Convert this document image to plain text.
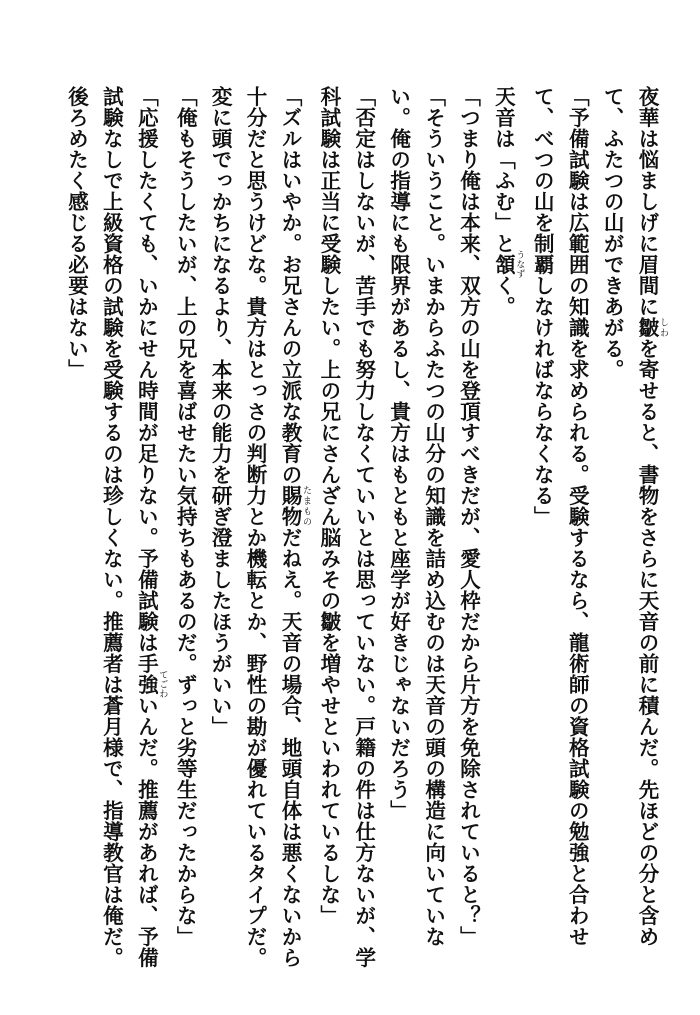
夜華は悩ましげに眉間に皺 しわを寄せると、書物をさらに天音の前に積んだ。先ほどの分と含め
て、ふたつの山ができあがる。
「予備試験は広範囲の知識を求められる。受験するなら、龍術師の資格試験の勉強と合わせ
て、べつの山を制覇しなければならなくなる」
天音は「ふむ」と頷 うなずく。
「つまり俺は本来、双方の山を登頂すべきだが、愛人枠だから片方を免除されていると？」
「そういうこと。いまからふたつの山分の知識を詰め込むのは天音の頭の構造に向いていな
い。俺の指導にも限界があるし、貴方はもともと座学が好きじゃないだろう」
「否定はしないが、苦手でも努力しなくていいとは思っていない。戸籍の件は仕方ないが、学
科試験は正当に受験したい。上の兄にさんざん脳みその皺を増やせといわれているしな」
「ズルはいやか。お兄さんの立派な教育の賜物 たまものだねえ。天音の場合、地頭自体は悪くないから
十分だと思うけどな。貴方はとっさの判断力とか機転とか、野性の勘が優れているタイプだ。
変に頭でっかちになるより、本来の能力を研ぎ澄ましたほうがいい」
「俺もそうしたいが、上の兄を喜ばせたい気持ちもあるのだ。ずっと劣等生だったからな」
「応援したくても、いかにせん時間が足りない。予備試験は手強 てごわいんだ。推薦があれば、予備
試験なしで上級資格の試験を受験するのは珍しくない。推薦者は蒼月様で、指導教官は俺だ。
後ろめたく感じる必要はない」
